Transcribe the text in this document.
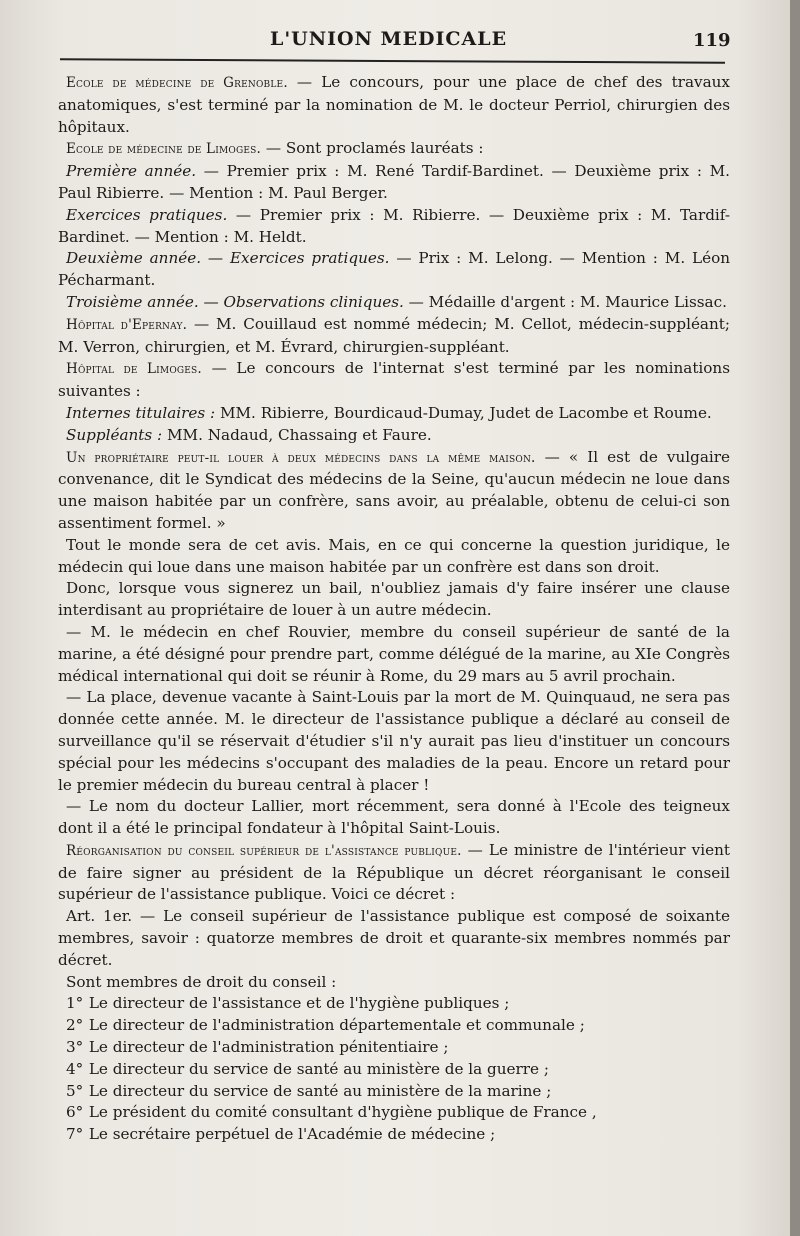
L'UNION MEDICALE	119

Ecole de médecine de Grenoble. — Le concours, pour une place de chef des travaux anatomiques, s'est terminé par la nomination de M. le docteur Perriol, chirurgien des hôpitaux.

Ecole de médecine de Limoges. — Sont proclamés lauréats :

Première année. — Premier prix : M. René Tardif-Bardinet. — Deuxième prix : M. Paul Ribierre. — Mention : M. Paul Berger.

Exercices pratiques. — Premier prix : M. Ribierre. — Deuxième prix : M. Tardif-Bardinet. — Mention : M. Heldt.

Deuxième année. — Exercices pratiques. — Prix : M. Lelong. — Mention : M. Léon Pécharmant.

Troisième année. — Observations cliniques. — Médaille d'argent : M. Maurice Lissac.

Hôpital d'Epernay. — M. Couillaud est nommé médecin; M. Cellot, médecin-suppléant; M. Verron, chirurgien, et M. Évrard, chirurgien-suppléant.

Hôpital de Limoges. — Le concours de l'internat s'est terminé par les nominations suivantes :

Internes titulaires : MM. Ribierre, Bourdicaud-Dumay, Judet de Lacombe et Roume.

Suppléants : MM. Nadaud, Chassaing et Faure.

Un propriétaire peut-il louer à deux médecins dans la même maison. — « Il est de vulgaire convenance, dit le Syndicat des médecins de la Seine, qu'aucun médecin ne loue dans une maison habitée par un confrère, sans avoir, au préalable, obtenu de celui-ci son assentiment formel. »

Tout le monde sera de cet avis. Mais, en ce qui concerne la question juridique, le médecin qui loue dans une maison habitée par un confrère est dans son droit.

Donc, lorsque vous signerez un bail, n'oubliez jamais d'y faire insérer une clause interdisant au propriétaire de louer à un autre médecin.

— M. le médecin en chef Rouvier, membre du conseil supérieur de santé de la marine, a été désigné pour prendre part, comme délégué de la marine, au XIe Congrès médical international qui doit se réunir à Rome, du 29 mars au 5 avril prochain.

— La place, devenue vacante à Saint-Louis par la mort de M. Quinquaud, ne sera pas donnée cette année. M. le directeur de l'assistance publique a déclaré au conseil de surveillance qu'il se réservait d'étudier s'il n'y aurait pas lieu d'instituer un concours spécial pour les médecins s'occupant des maladies de la peau. Encore un retard pour le premier médecin du bureau central à placer !

— Le nom du docteur Lallier, mort récemment, sera donné à l'Ecole des teigneux dont il a été le principal fondateur à l'hôpital Saint-Louis.

Réorganisation du conseil supérieur de l'assistance publique. — Le ministre de l'intérieur vient de faire signer au président de la République un décret réorganisant le conseil supérieur de l'assistance publique. Voici ce décret :

Art. 1er. — Le conseil supérieur de l'assistance publique est composé de soixante membres, savoir : quatorze membres de droit et quarante-six membres nommés par décret.

Sont membres de droit du conseil :

1° Le directeur de l'assistance et de l'hygiène publiques ;
2° Le directeur de l'administration départementale et communale ;
3° Le directeur de l'administration pénitentiaire ;
4° Le directeur du service de santé au ministère de la guerre ;
5° Le directeur du service de santé au ministère de la marine ;
6° Le président du comité consultant d'hygiène publique de France ,
7° Le secrétaire perpétuel de l'Académie de médecine ;
